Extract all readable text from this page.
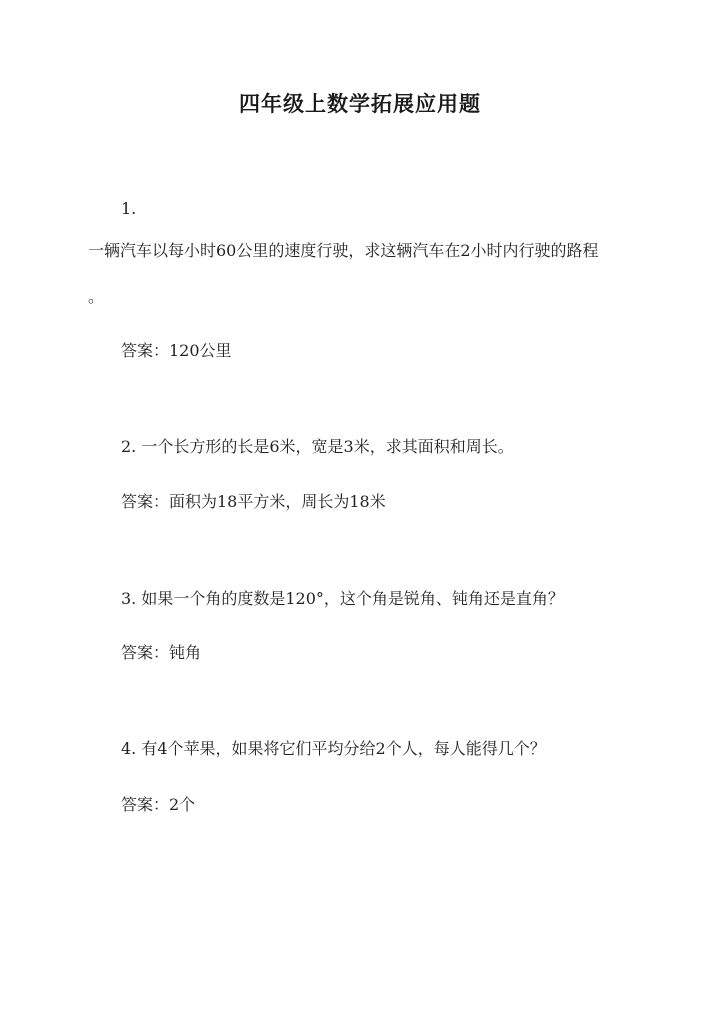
四年级上数学拓展应用题
1.
一辆汽车以每小时60公里的速度行驶，求这辆汽车在2小时内行驶的路程
。
答案：120公里
2. 一个长方形的长是6米，宽是3米，求其面积和周长。
答案：面积为18平方米，周长为18米
3. 如果一个角的度数是120°，这个角是锐角、钝角还是直角？
答案：钝角
4. 有4个苹果，如果将它们平均分给2个人，每人能得几个？
答案：2个
